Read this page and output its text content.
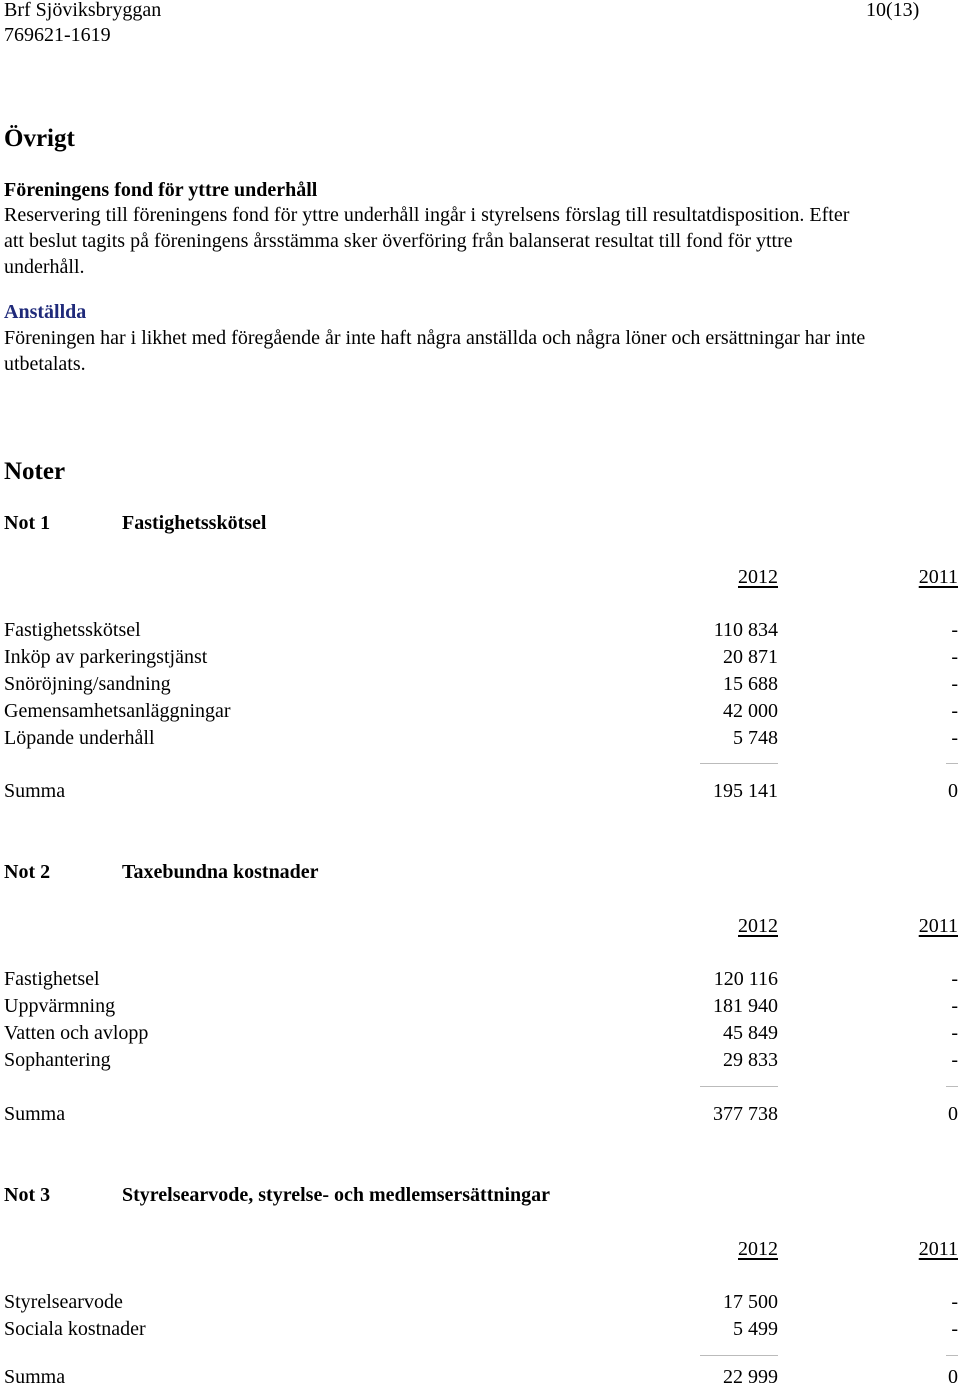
Brf Sjöviksbryggan	10(13)
769621-1619
Övrigt
Föreningens fond för yttre underhåll
Reservering till föreningens fond för yttre underhåll ingår i styrelsens förslag till resultatdisposition. Efter
att beslut tagits på föreningens årsstämma sker överföring från balanserat resultat till fond för yttre
underhåll.
Anställda
Föreningen har i likhet med föregående år inte haft några anställda och några löner och ersättningar har inte
utbetalats.
Noter
Not 1	Fastighetsskötsel
2012	2011
Fastighetsskötsel	110 834	-
Inköp av parkeringstjänst	20 871	-
Snöröjning/sandning	15 688	-
Gemensamhetsanläggningar	42 000	-
Löpande underhåll	5 748	-
Summa	195 141	0
Not 2	Taxebundna kostnader
2012	2011
Fastighetsel	120 116	-
Uppvärmning	181 940	-
Vatten och avlopp	45 849	-
Sophantering	29 833	-
Summa	377 738	0
Not 3	Styrelsearvode, styrelse- och medlemsersättningar
2012	2011
Styrelsearvode	17 500	-
Sociala kostnader	5 499	-
Summa	22 999	0
